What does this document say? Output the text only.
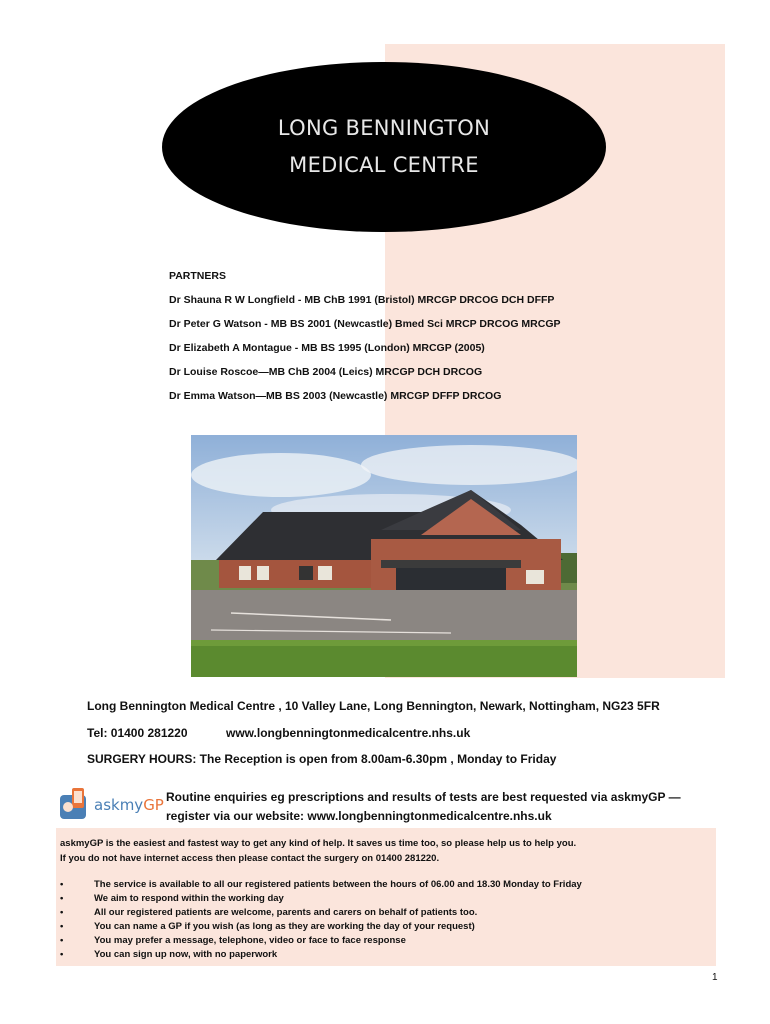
LONG BENNINGTON
MEDICAL CENTRE
PARTNERS
Dr Shauna R W Longfield - MB ChB 1991 (Bristol) MRCGP DRCOG DCH DFFP
Dr Peter G Watson - MB BS 2001 (Newcastle) Bmed Sci MRCP DRCOG MRCGP
Dr Elizabeth A Montague - MB BS 1995 (London) MRCGP (2005)
Dr Louise Roscoe—MB ChB 2004 (Leics) MRCGP DCH DRCOG
Dr Emma Watson—MB BS 2003 (Newcastle) MRCGP DFFP DRCOG
Long Bennington Medical Centre , 10 Valley Lane, Long Bennington, Newark, Nottingham, NG23 5FR
Tel: 01400 281220	www.longbenningtonmedicalcentre.nhs.uk
SURGERY HOURS: The Reception is open from 8.00am-6.30pm , Monday to Friday
askmyGP Routine enquiries eg prescriptions and results of tests are best requested via askmyGP —
register via our website: www.longbenningtonmedicalcentre.nhs.uk
askmyGP is the easiest and fastest way to get any kind of help. It saves us time too, so please help us to help you.
If you do not have internet access then please contact the surgery on 01400 281220.
•	The service is available to all our registered patients between the hours of 06.00 and 18.30 Monday to Friday
•	We aim to respond within the working day
•	All our registered patients are welcome, parents and carers on behalf of patients too.
•	You can name a GP if you wish (as long as they are working the day of your request)
•	You may prefer a message, telephone, video or face to face response
•	You can sign up now, with no paperwork
1
